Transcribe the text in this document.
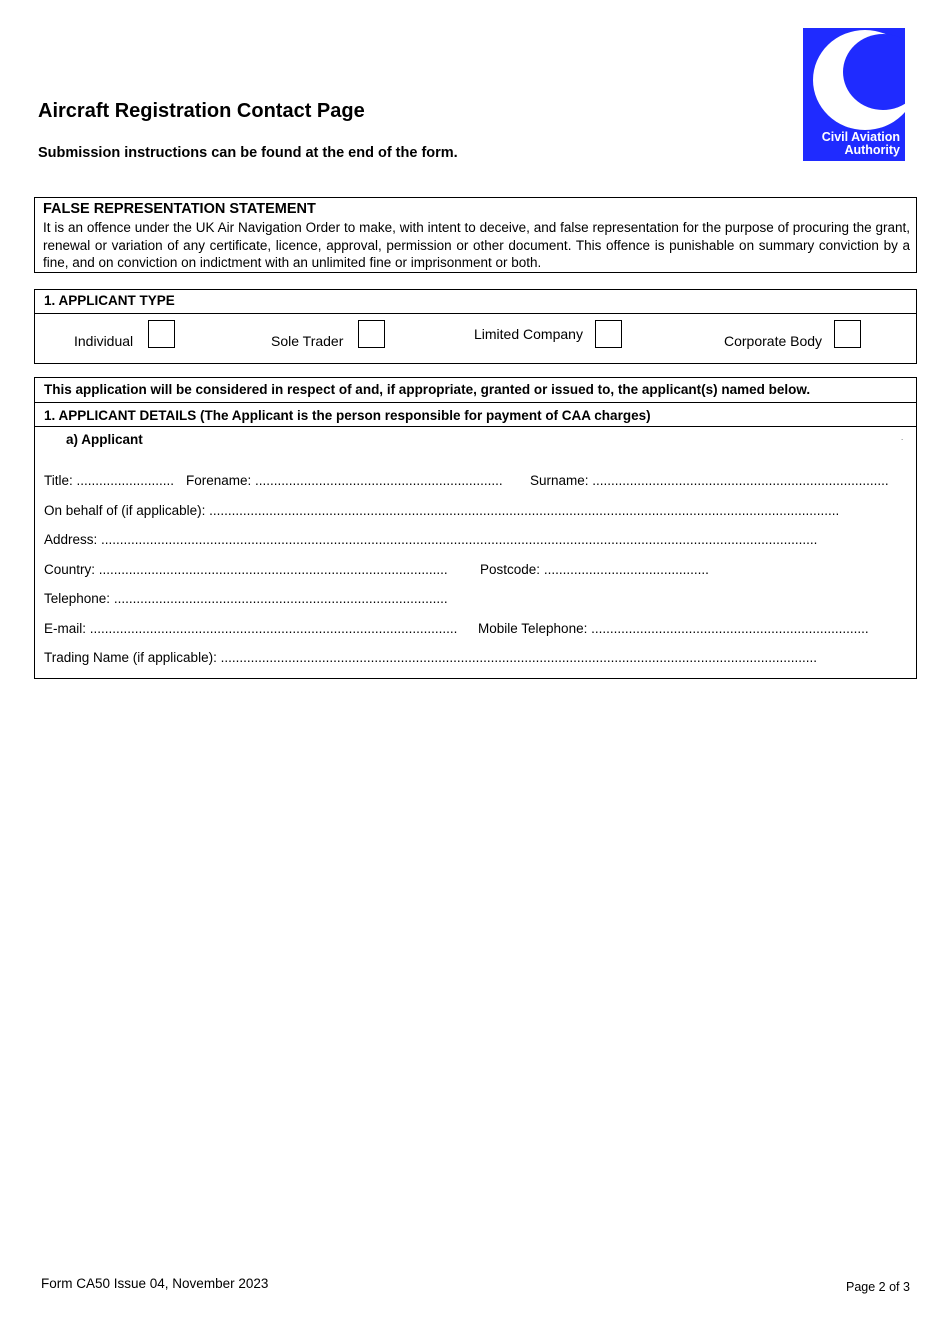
Aircraft Registration Contact Page
Submission instructions can be found at the end of the form.
Civil Aviation
Authority
FALSE REPRESENTATION STATEMENT
It is an offence under the UK Air Navigation Order to make, with intent to deceive, and false representation for the purpose of procuring the grant, renewal or variation of any certificate, licence, approval, permission or other document. This offence is punishable on summary conviction by a fine, and on conviction on indictment with an unlimited fine or imprisonment or both.
1. APPLICANT TYPE
Individual	Sole Trader	Limited Company	Corporate Body
This application will be considered in respect of and, if appropriate, granted or issued to, the applicant(s) named below.
1. APPLICANT DETAILS (The Applicant is the person responsible for payment of CAA charges)
a) Applicant	.
Title: .......................... Forename: ..................................................................	Surname: ...............................................................................
On behalf of (if applicable): ........................................................................................................................................................................
Address: ...............................................................................................................................................................................................
Country: .............................................................................................	Postcode: ............................................
Telephone: .........................................................................................
E-mail: ..................................................................................................	Mobile Telephone: ..........................................................................
Trading Name (if applicable): ...............................................................................................................................................................
Form CA50 Issue 04, November 2023	Page 2 of 3
